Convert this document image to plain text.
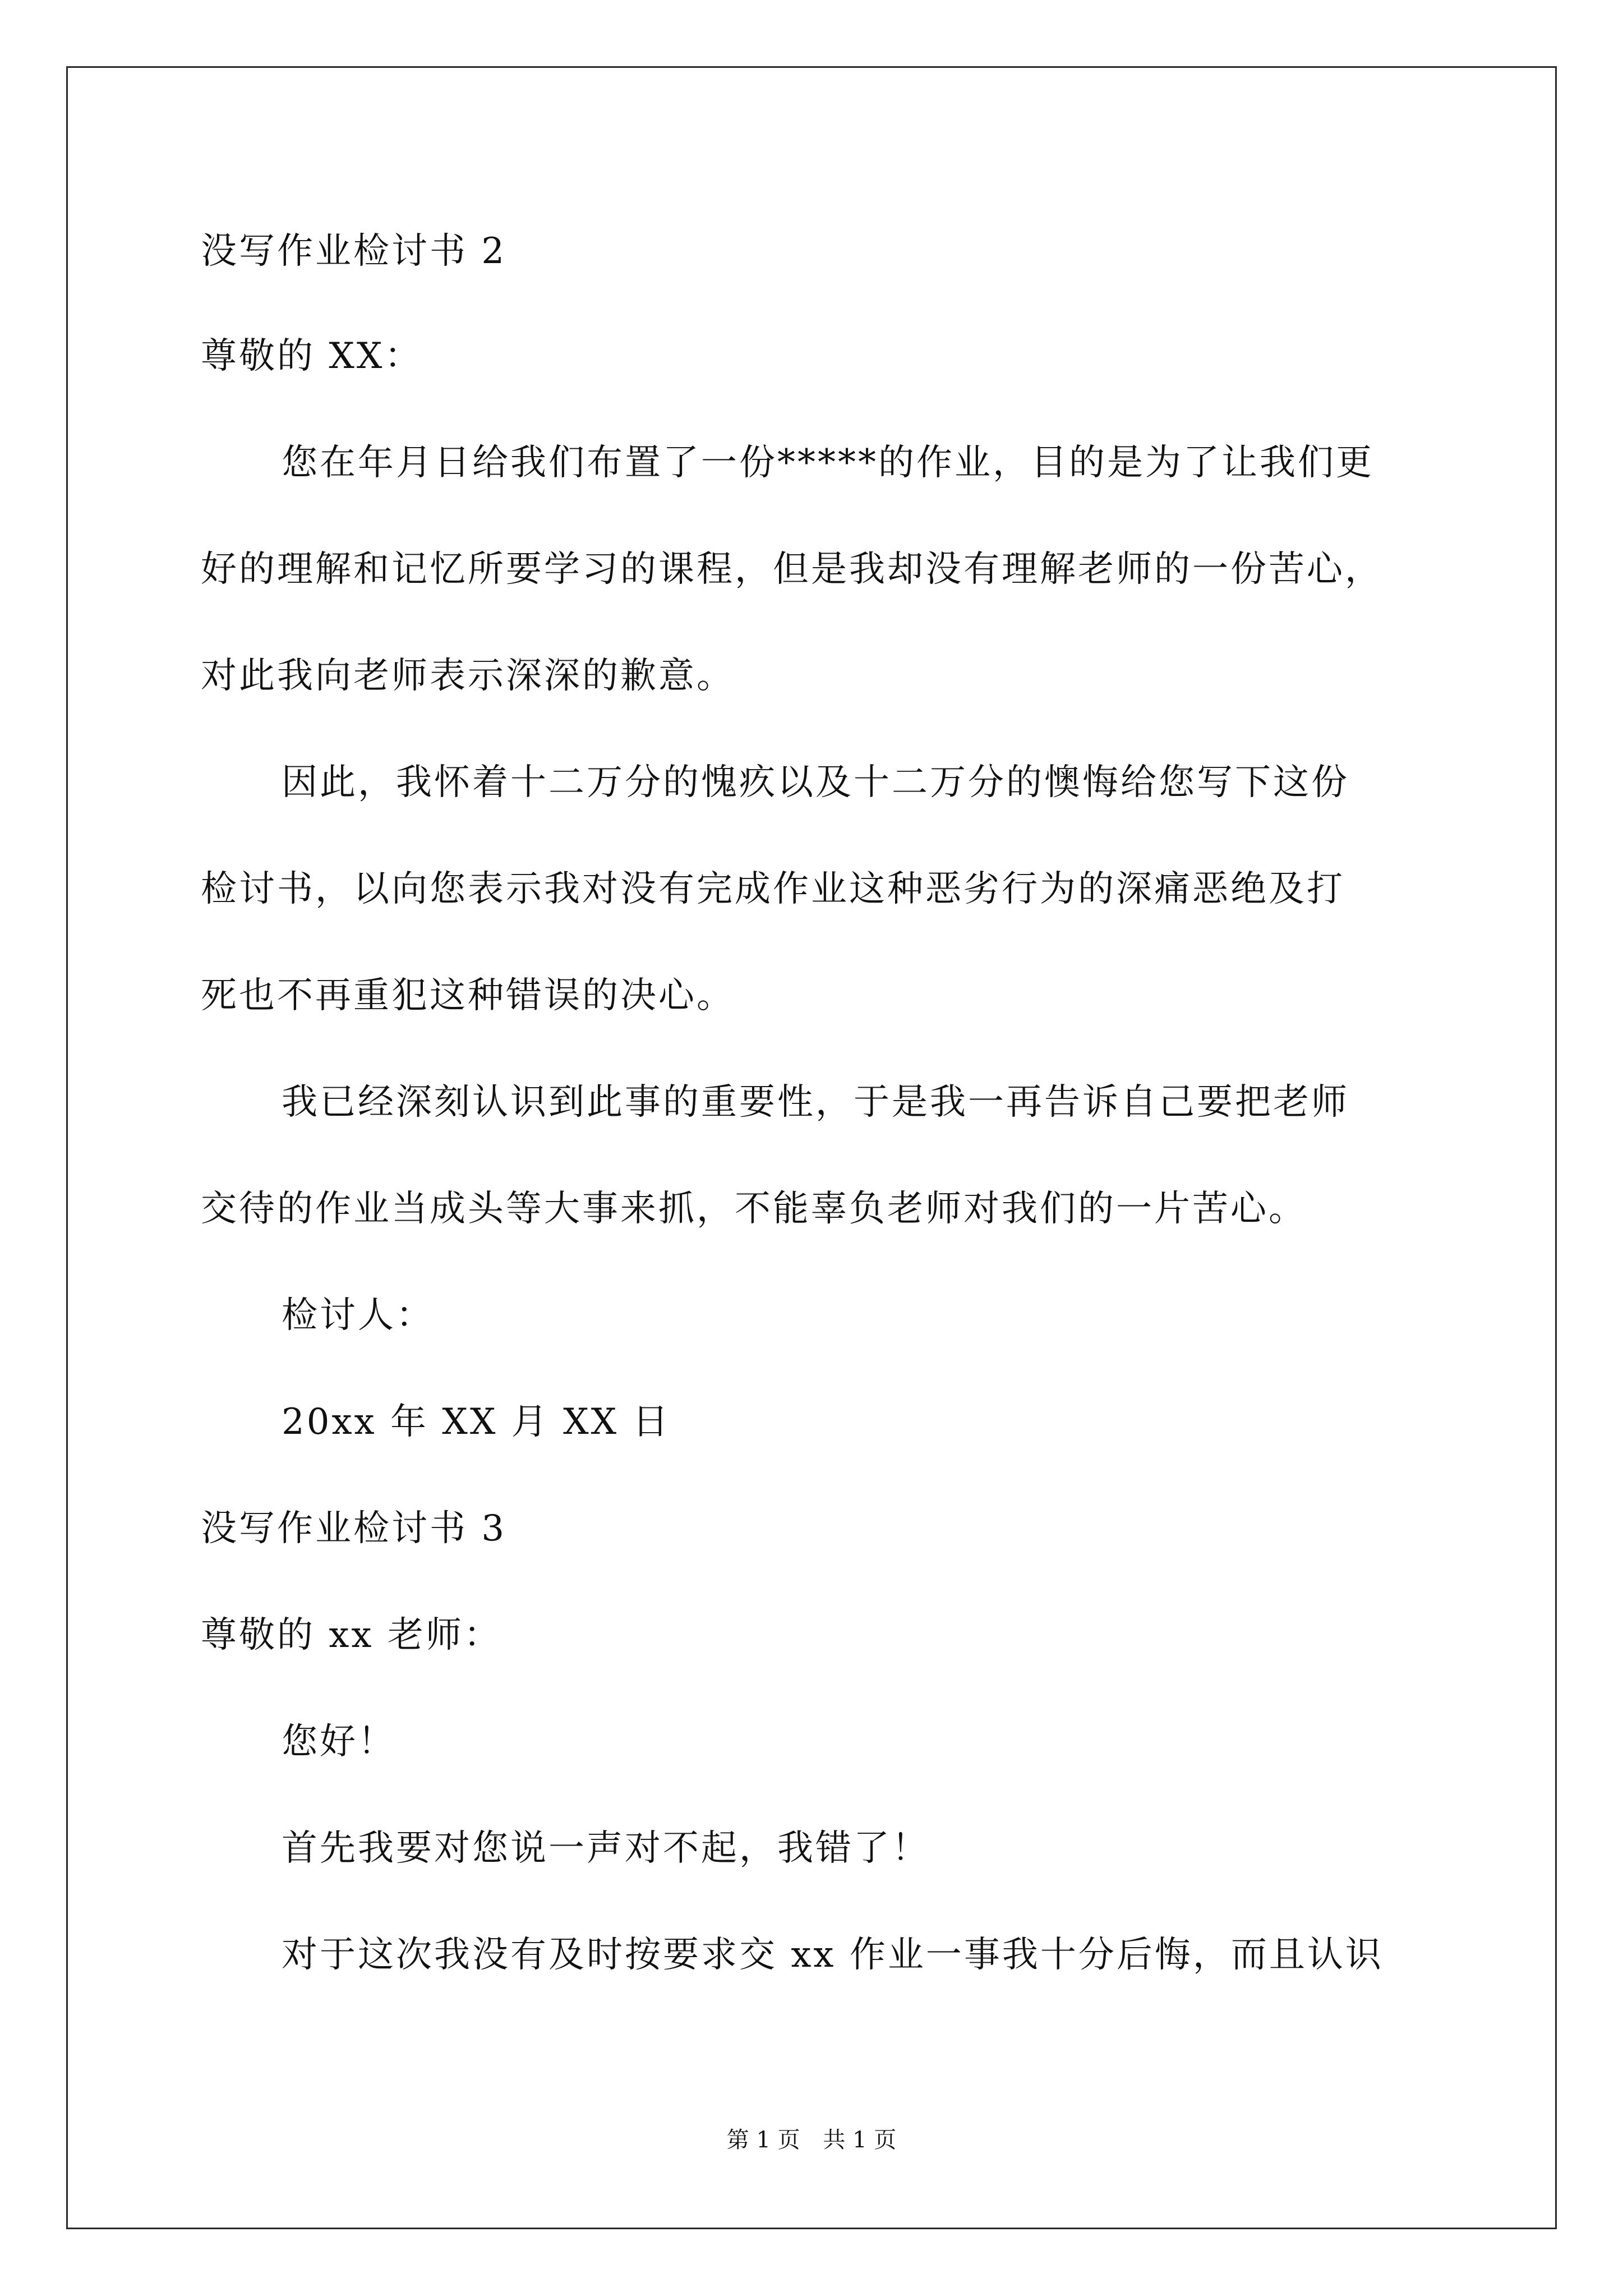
没写作业检讨书 2
尊敬的 XX：
您在年月日给我们布置了一份*****的作业，目的是为了让我们更
好的理解和记忆所要学习的课程，但是我却没有理解老师的一份苦心，
对此我向老师表示深深的歉意。
因此，我怀着十二万分的愧疚以及十二万分的懊悔给您写下这份
检讨书，以向您表示我对没有完成作业这种恶劣行为的深痛恶绝及打
死也不再重犯这种错误的决心。
我已经深刻认识到此事的重要性，于是我一再告诉自己要把老师
交待的作业当成头等大事来抓，不能辜负老师对我们的一片苦心。
检讨人：
20xx 年 XX 月 XX 日
没写作业检讨书 3
尊敬的 xx 老师：
您好！
首先我要对您说一声对不起，我错了！
对于这次我没有及时按要求交 xx 作业一事我十分后悔，而且认识
第 1 页 共 1 页
